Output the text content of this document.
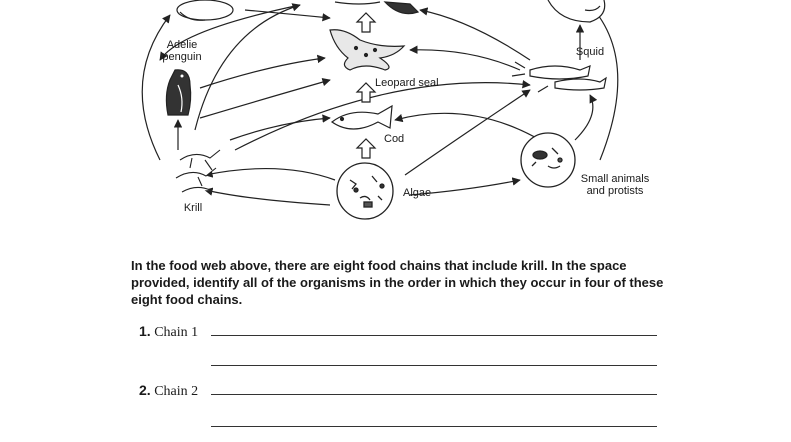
Adelie penguin	Squid
Leopard seal
Cod
Krill
Algae
Small animals and protists

In the food web above, there are eight food chains that include krill. In the space provided, identify all of the organisms in the order in which they occur in four of these eight food chains.

1. Chain 1
2. Chain 2
